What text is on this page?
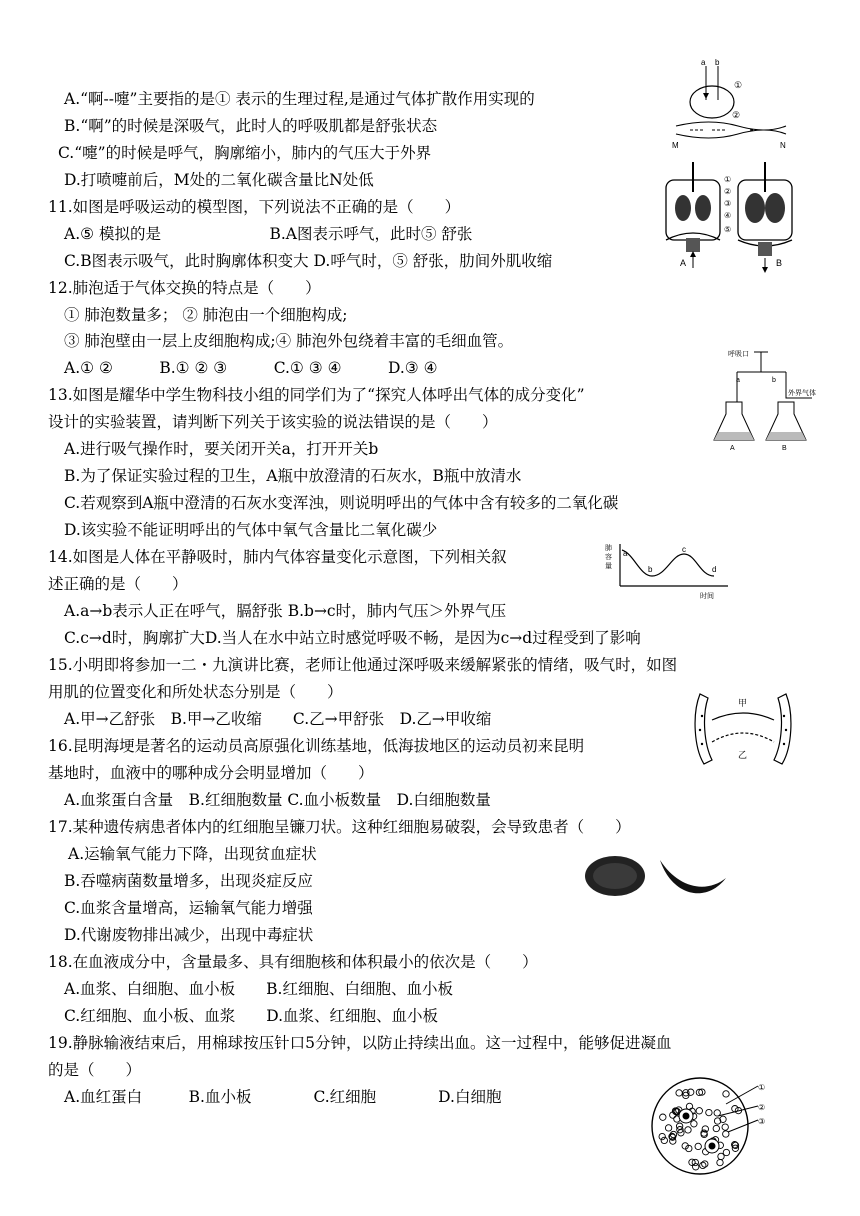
A.“啊--嚏”主要指的是① 表示的生理过程,是通过气体扩散作用实现的
B.“啊”的时候是深吸气，此时人的呼吸肌都是舒张状态
C.“嚏”的时候是呼气，胸廓缩小，肺内的气压大于外界
D.打喷嚏前后，M处的二氧化碳含量比N处低
a b
①
②
M	N
11.如图是呼吸运动的模型图，下列说法不正确的是（　　）
A.⑤ 模拟的是　　　　　　　B.A图表示呼气，此时⑤ 舒张
C.B图表示吸气，此时胸廓体积变大 D.呼气时，⑤ 舒张，肋间外肌收缩
①
②
③
④
⑤
A	B
12.肺泡适于气体交换的特点是（　　）
① 肺泡数量多； ② 肺泡由一个细胞构成;
③ 肺泡壁由一层上皮细胞构成;④ 肺泡外包绕着丰富的毛细血管。
A.① ②　　　B.① ② ③　　　C.① ③ ④　　　D.③ ④
13.如图是耀华中学生物科技小组的同学们为了“探究人体呼出气体的成分变化”
设计的实验装置，请判断下列关于该实验的说法错误的是（　　）
A.进行吸气操作时，要关闭开关a，打开开关b
B.为了保证实验过程的卫生，A瓶中放澄清的石灰水，B瓶中放清水
C.若观察到A瓶中澄清的石灰水变浑浊，则说明呼出的气体中含有较多的二氧化碳
D.该实验不能证明呼出的气体中氧气含量比二氧化碳少
呼吸口
a	b
外界气体
A	B
14.如图是人体在平静吸时，肺内气体容量变化示意图，下列相关叙
述正确的是（　　）
A.a→b表示人正在呼气，膈舒张 B.b→c时，肺内气压＞外界气压
C.c→d时，胸廓扩大D.当人在水中站立时感觉呼吸不畅，是因为c→d过程受到了影响
肺
容
量
a
b
c
d
时间
15.小明即将参加一二・九演讲比赛，老师让他通过深呼吸来缓解紧张的情绪，吸气时，如图
用肌的位置变化和所处状态分别是（　　）
A.甲→乙舒张　B.甲→乙收缩　　C.乙→甲舒张　D.乙→甲收缩
甲
乙
16.昆明海埂是著名的运动员高原强化训练基地，低海拔地区的运动员初来昆明
基地时，血液中的哪种成分会明显增加（　　）
A.血浆蛋白含量　B.红细胞数量 C.血小板数量　D.白细胞数量
17.某种遗传病患者体内的红细胞呈镰刀状。这种红细胞易破裂，会导致患者（　　）
A.运输氧气能力下降，出现贫血症状
B.吞噬病菌数量增多，出现炎症反应
C.血浆含量增高，运输氧气能力增强
D.代谢废物排出减少，出现中毒症状
18.在血液成分中，含量最多、具有细胞核和体积最小的依次是（　　）
A.血浆、白细胞、血小板　　B.红细胞、白细胞、血小板
C.红细胞、血小板、血浆　　D.血浆、红细胞、血小板
19.静脉输液结束后，用棉球按压针口5分钟，以防止持续出血。这一过程中，能够促进凝血
的是（　　）
A.血红蛋白　　　B.血小板　　　　C.红细胞　　　　D.白细胞
①
②
③
